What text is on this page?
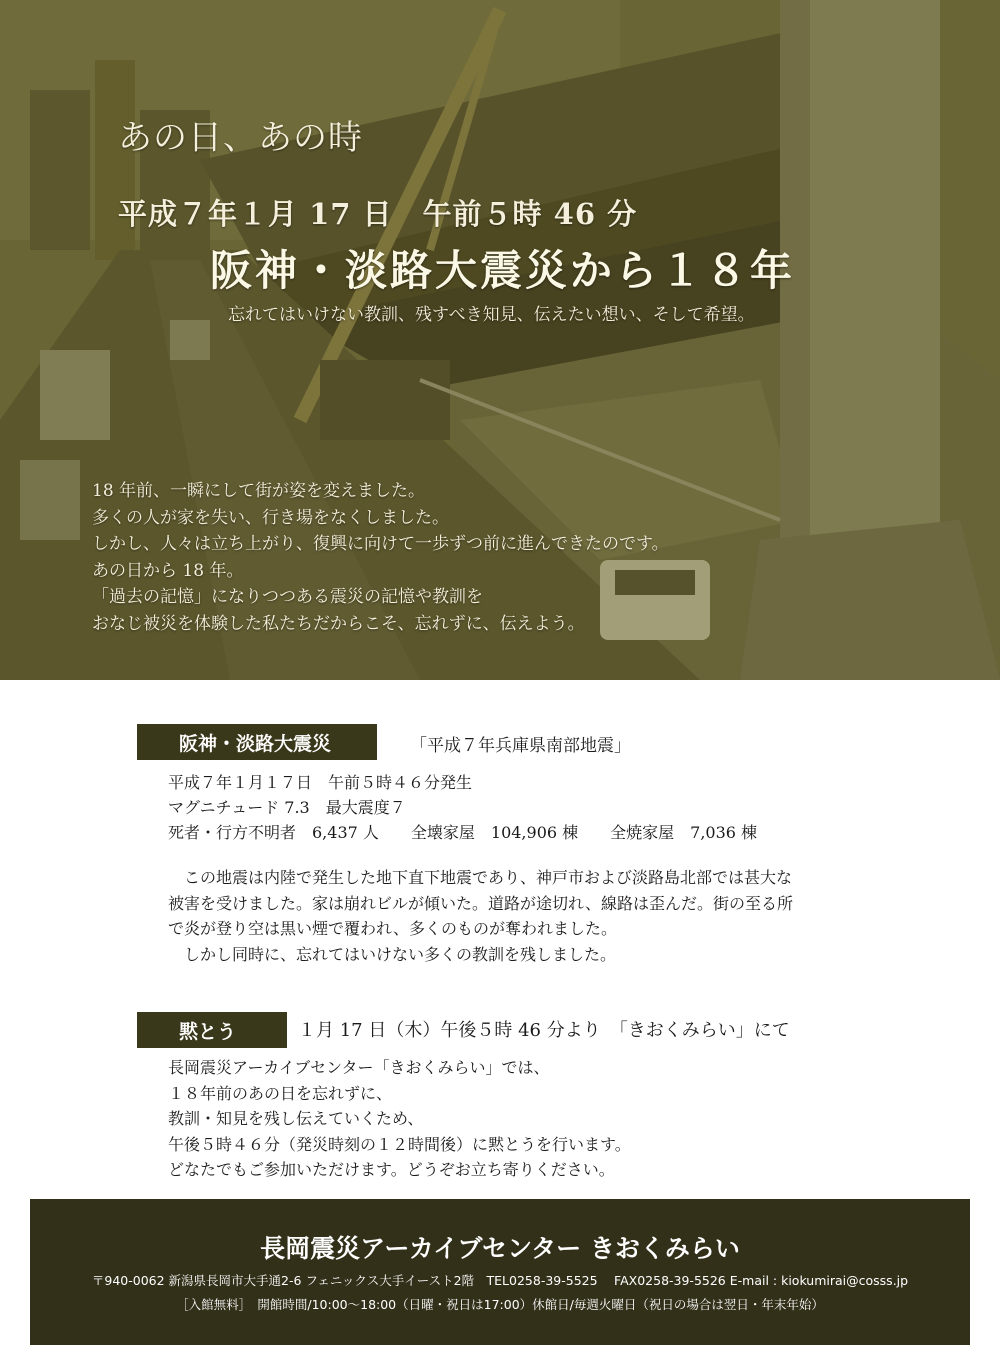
あの日、あの時
平成７年１月 17 日　午前５時 46 分
阪神・淡路大震災から１８年
忘れてはいけない教訓、残すべき知見、伝えたい想い、そして希望。
18 年前、一瞬にして街が姿を変えました。
多くの人が家を失い、行き場をなくしました。
しかし、人々は立ち上がり、復興に向けて一歩ずつ前に進んできたのです。
あの日から 18 年。
「過去の記憶」になりつつある震災の記憶や教訓を
おなじ被災を体験した私たちだからこそ、忘れずに、伝えよう。
阪神・淡路大震災	「平成７年兵庫県南部地震」
平成７年１月１７日　午前５時４６分発生
マグニチュード 7.3　最大震度７
死者・行方不明者　6,437 人　　全壊家屋　104,906 棟　　全焼家屋　7,036 棟
　この地震は内陸で発生した地下直下地震であり、神戸市および淡路島北部では甚大な
被害を受けました。家は崩れビルが傾いた。道路が途切れ、線路は歪んだ。街の至る所
で炎が登り空は黒い煙で覆われ、多くのものが奪われました。
　しかし同時に、忘れてはいけない多くの教訓を残しました。
黙とう	１月 17 日（木）午後５時 46 分より　「きおくみらい」にて
長岡震災アーカイブセンター「きおくみらい」では、
１８年前のあの日を忘れずに、
教訓・知見を残し伝えていくため、
午後５時４６分（発災時刻の１２時間後）に黙とうを行います。
どなたでもご参加いただけます。どうぞお立ち寄りください。
長岡震災アーカイブセンター きおくみらい
〒940-0062 新潟県長岡市大手通2-6 フェニックス大手イースト2階　TEL0258-39-5525　 FAX0258-39-5526 E-mail : kiokumirai@cosss.jp
［入館無料］　開館時間/10:00～18:00（日曜・祝日は17:00）休館日/毎週火曜日（祝日の場合は翌日・年末年始）
